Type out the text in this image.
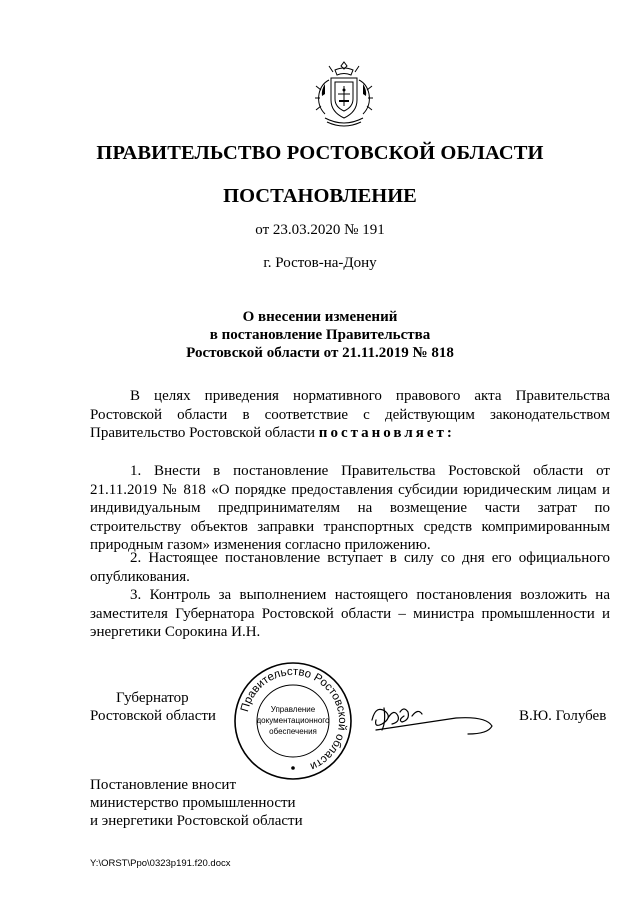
ПРАВИТЕЛЬСТВО РОСТОВСКОЙ ОБЛАСТИ
ПОСТАНОВЛЕНИЕ
от 23.03.2020 № 191
г. Ростов-на-Дону
О внесении изменений
в постановление Правительства
Ростовской области от 21.11.2019 № 818
В целях приведения нормативного правового акта Правительства Ростовской области в соответствие с действующим законодательством Правительство Ростовской области постановляет:
1. Внести в постановление Правительства Ростовской области от 21.11.2019 № 818 «О порядке предоставления субсидии юридическим лицам и индивидуальным предпринимателям на возмещение части затрат по строительству объектов заправки транспортных средств компримированным природным газом» изменения согласно приложению.
2. Настоящее постановление вступает в силу со дня его официального опубликования.
3. Контроль за выполнением настоящего постановления возложить на заместителя Губернатора Ростовской области – министра промышленности и энергетики Сорокина И.Н.
Губернатор
Ростовской области
Правительство Ростовской области
Управление
документационного
обеспечения
В.Ю. Голубев
Постановление вносит
министерство промышленности
и энергетики Ростовской области
Y:\ORST\Ppo\0323p191.f20.docx
